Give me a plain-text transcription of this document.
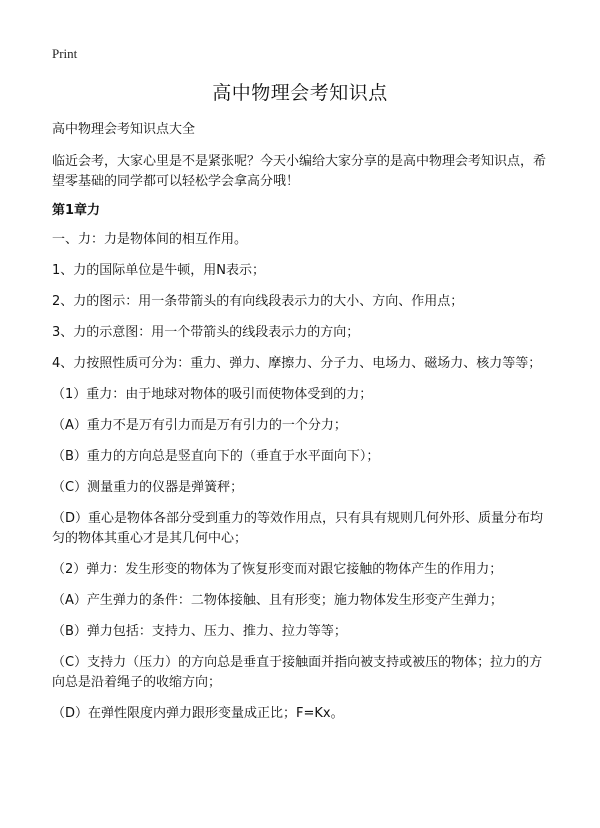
Print
高中物理会考知识点

高中物理会考知识点大全

临近会考，大家心里是不是紧张呢？今天小编给大家分享的是高中物理会考知识点，希望零基础的同学都可以轻松学会拿高分哦！

第1章力

一、力：力是物体间的相互作用。

1、力的国际单位是牛顿，用N表示；

2、力的图示：用一条带箭头的有向线段表示力的大小、方向、作用点；

3、力的示意图：用一个带箭头的线段表示力的方向；

4、力按照性质可分为：重力、弹力、摩擦力、分子力、电场力、磁场力、核力等等；

（1）重力：由于地球对物体的吸引而使物体受到的力；

（A）重力不是万有引力而是万有引力的一个分力；

（B）重力的方向总是竖直向下的（垂直于水平面向下）；

（C）测量重力的仪器是弹簧秤；

（D）重心是物体各部分受到重力的等效作用点，只有具有规则几何外形、质量分布均匀的物体其重心才是其几何中心；

（2）弹力：发生形变的物体为了恢复形变而对跟它接触的物体产生的作用力；

（A）产生弹力的条件：二物体接触、且有形变；施力物体发生形变产生弹力；

（B）弹力包括：支持力、压力、推力、拉力等等；

（C）支持力（压力）的方向总是垂直于接触面并指向被支持或被压的物体；拉力的方向总是沿着绳子的收缩方向；

（D）在弹性限度内弹力跟形变量成正比；F=Kx。
